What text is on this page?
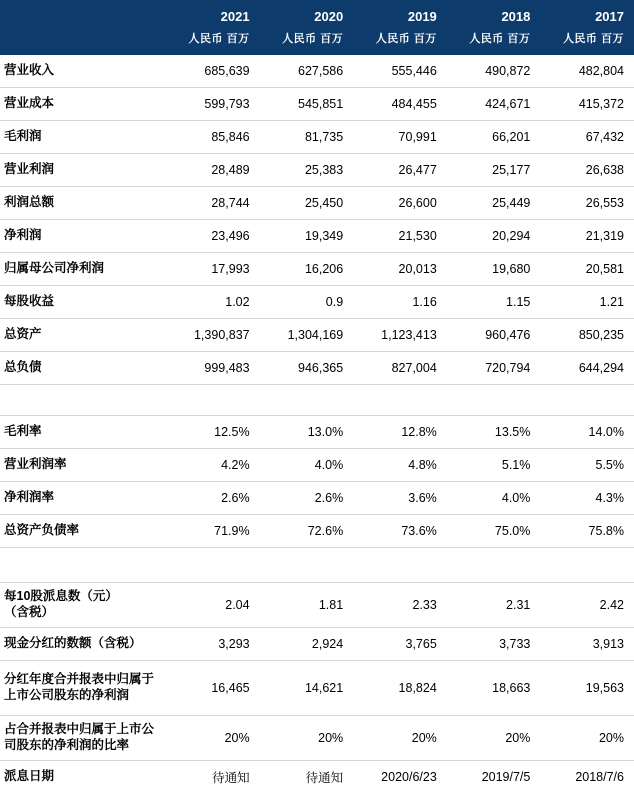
	2021	2020	2019	2018	2017
	人民币 百万	人民币 百万	人民币 百万	人民币 百万	人民币 百万
营业收入	685,639	627,586	555,446	490,872	482,804
营业成本	599,793	545,851	484,455	424,671	415,372
毛利润	85,846	81,735	70,991	66,201	67,432
营业利润	28,489	25,383	26,477	25,177	26,638
利润总额	28,744	25,450	26,600	25,449	26,553
净利润	23,496	19,349	21,530	20,294	21,319
归属母公司净利润	17,993	16,206	20,013	19,680	20,581
每股收益	1.02	0.9	1.16	1.15	1.21
总资产	1,390,837	1,304,169	1,123,413	960,476	850,235
总负债	999,483	946,365	827,004	720,794	644,294

毛利率	12.5%	13.0%	12.8%	13.5%	14.0%
营业利润率	4.2%	4.0%	4.8%	5.1%	5.5%
净利润率	2.6%	2.6%	3.6%	4.0%	4.3%
总资产负债率	71.9%	72.6%	73.6%	75.0%	75.8%

每10股派息数（元）
（含税）	2.04	1.81	2.33	2.31	2.42
现金分红的数额（含税）	3,293	2,924	3,765	3,733	3,913
分红年度合并报表中归属于上市公司股东的净利润	16,465	14,621	18,824	18,663	19,563
占合并报表中归属于上市公司股东的净利润的比率	20%	20%	20%	20%	20%
派息日期	待通知	待通知	2020/6/23	2019/7/5	2018/7/6
